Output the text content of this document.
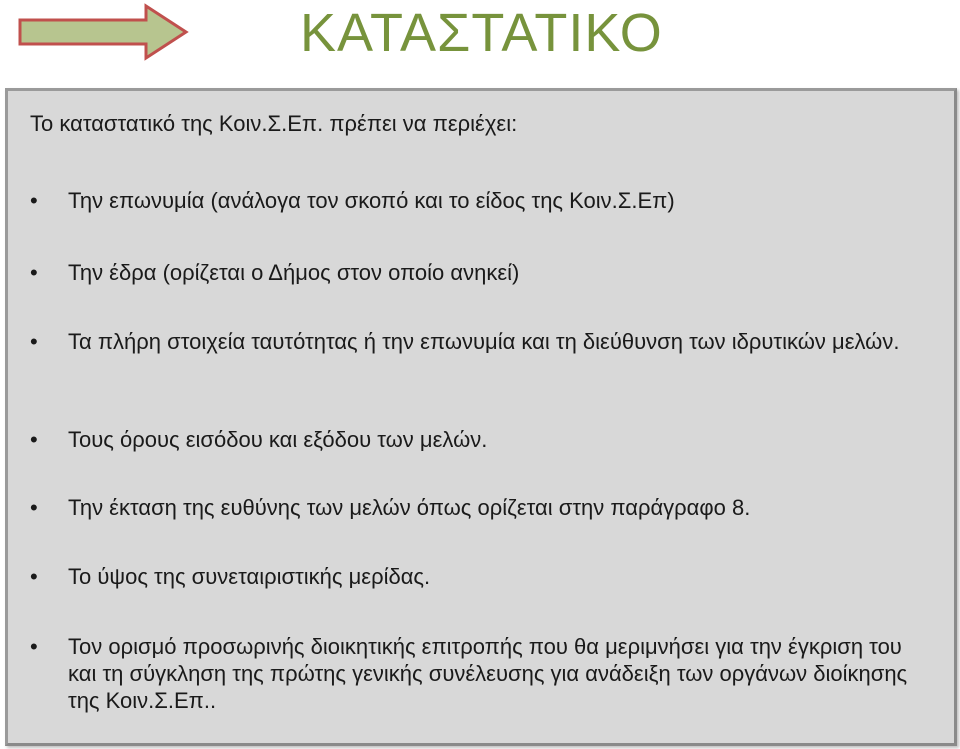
ΚΑΤΑΣΤΑΤΙΚΟ
Το καταστατικό της Κοιν.Σ.Επ. πρέπει να περιέχει:
•	Την επωνυμία (ανάλογα τον σκοπό και το είδος της Κοιν.Σ.Επ)
•	Την έδρα (ορίζεται ο Δήμος στον οποίο ανηκεί)
•	Τα πλήρη στοιχεία ταυτότητας ή την επωνυμία και τη διεύθυνση των ιδρυτικών μελών.
•	Τους όρους εισόδου και εξόδου των μελών.
•	Την έκταση της ευθύνης των μελών όπως ορίζεται στην παράγραφο 8.
•	Το ύψος της συνεταιριστικής μερίδας.
•	Τον ορισμό προσωρινής διοικητικής επιτροπής που θα μεριμνήσει για την έγκριση του και τη σύγκληση της πρώτης γενικής συνέλευσης για ανάδειξη των οργάνων διοίκησης της Κοιν.Σ.Επ..
